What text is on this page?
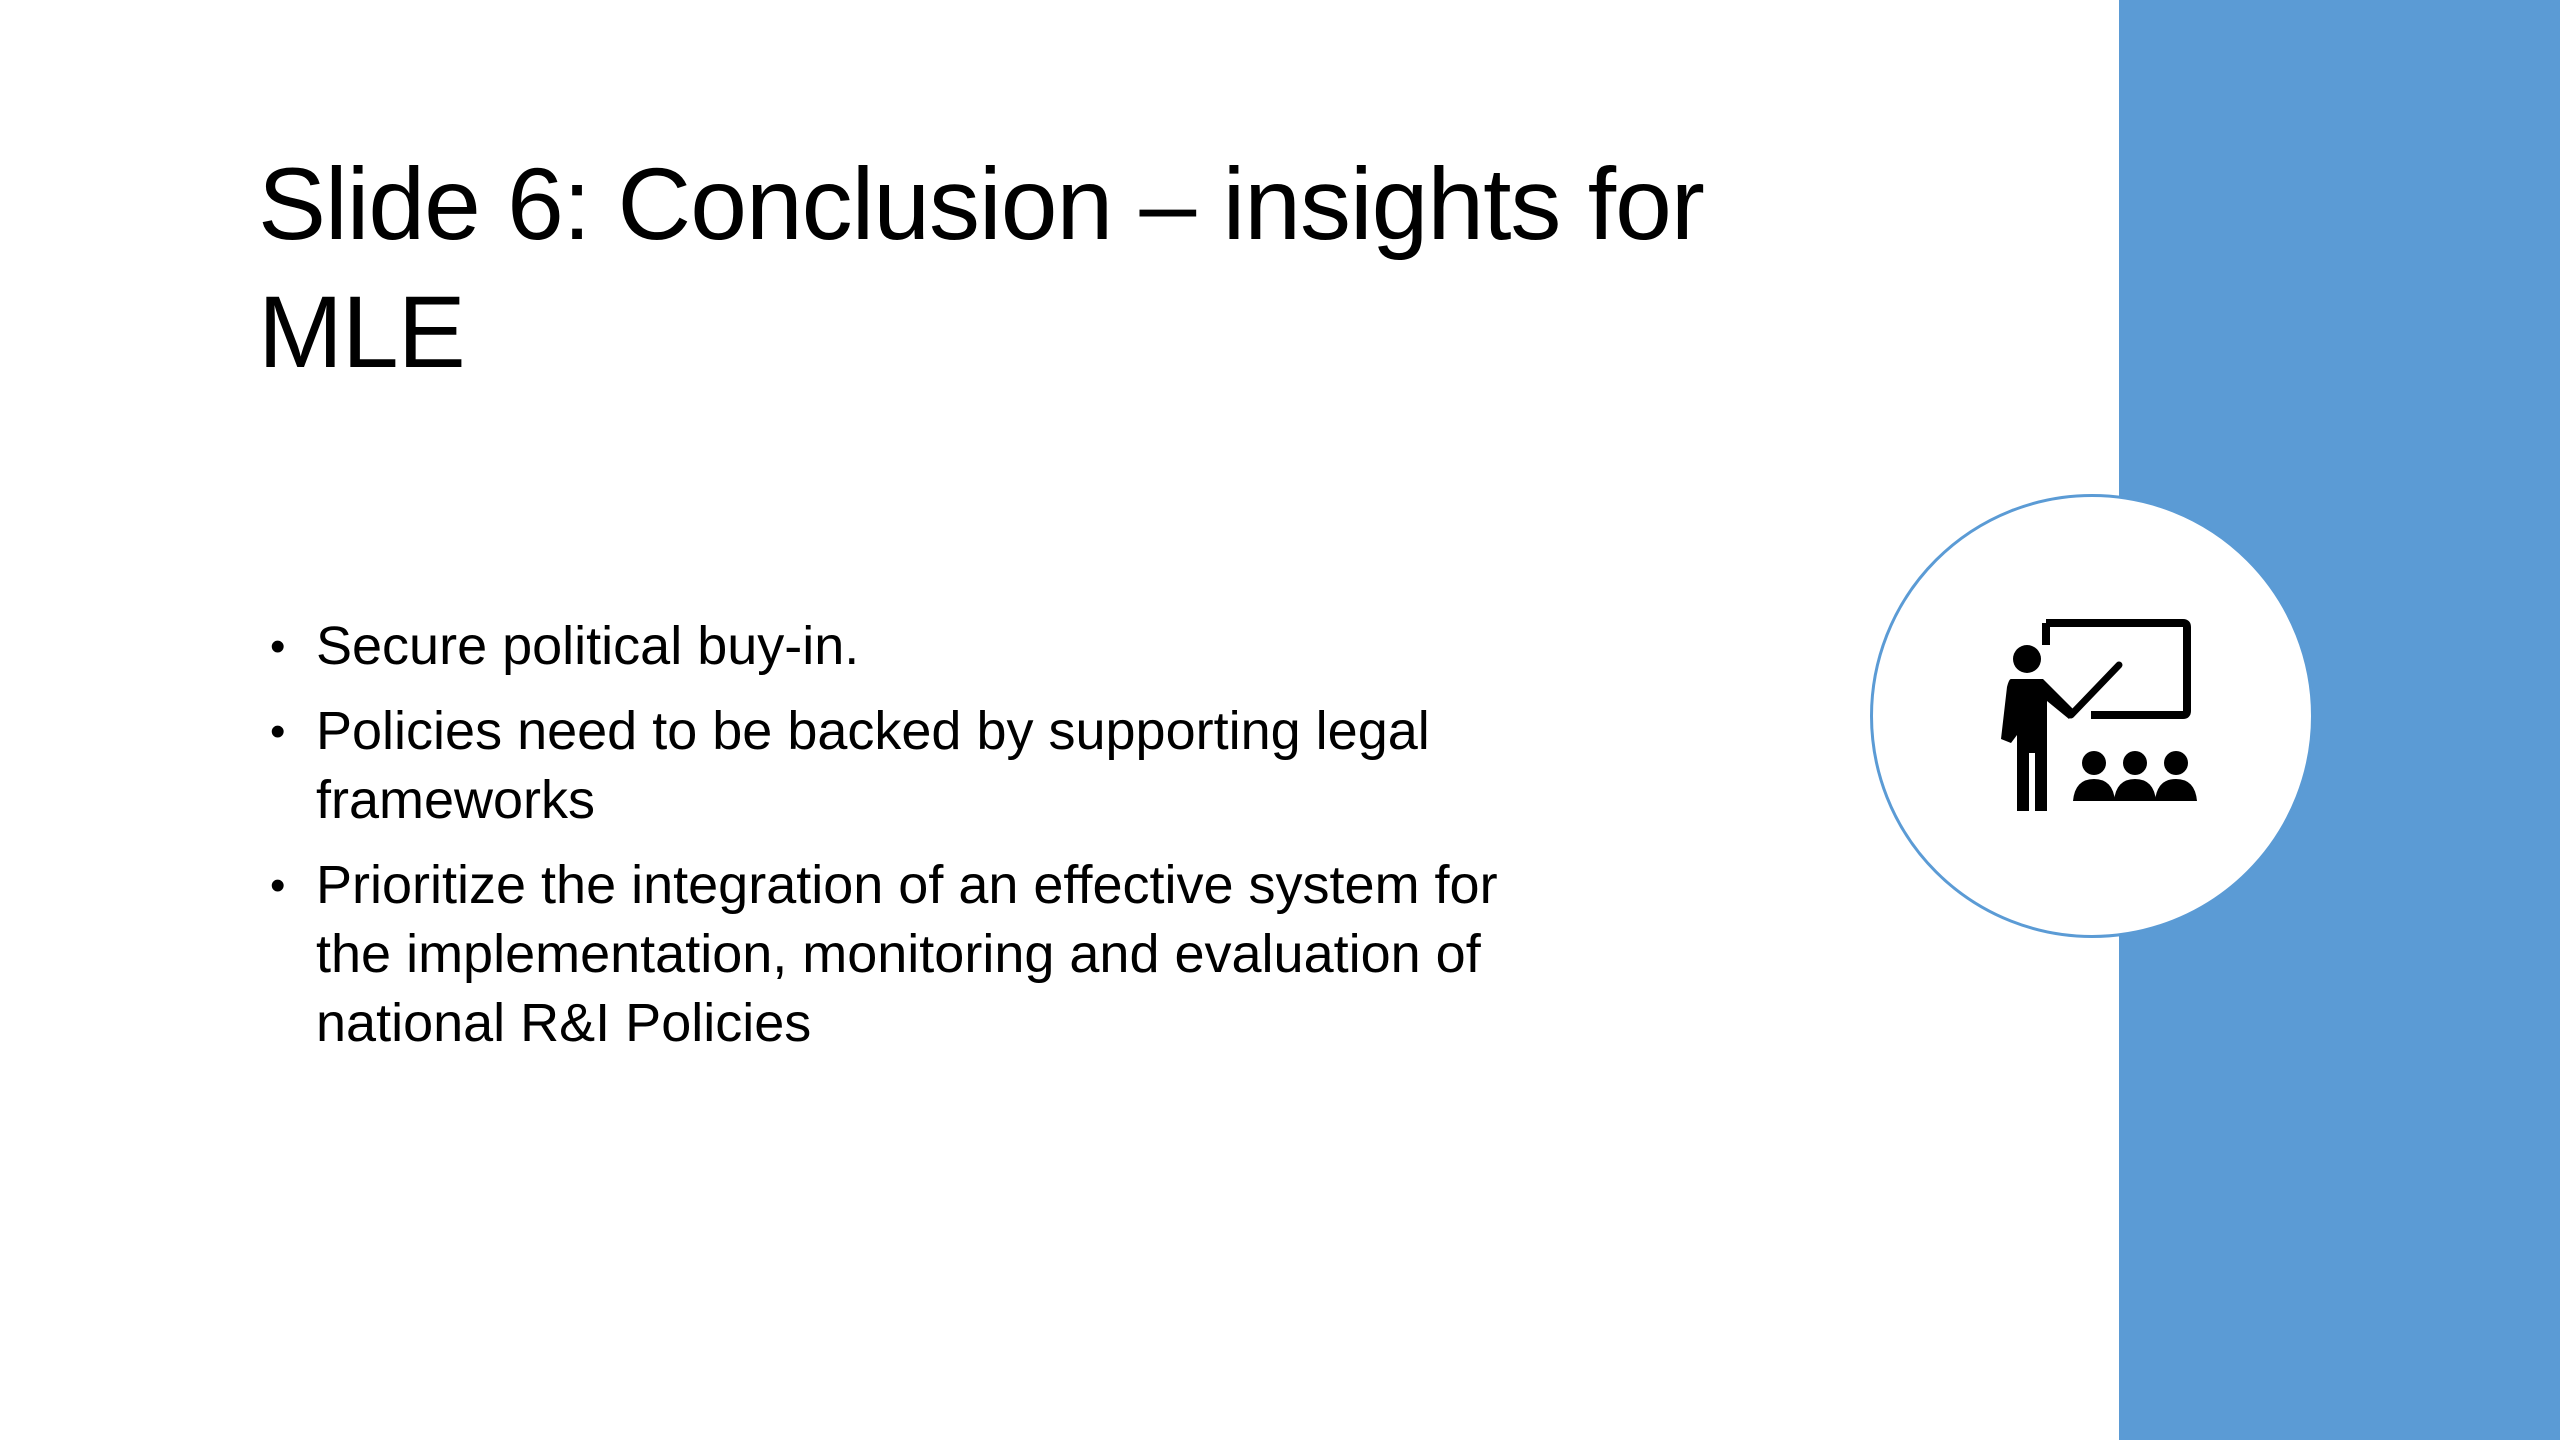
Slide 6: Conclusion – insights for MLE
• Secure political buy-in.
• Policies need to be backed by supporting legal frameworks
• Prioritize the integration of an effective system for the implementation, monitoring and evaluation of national R&I Policies
